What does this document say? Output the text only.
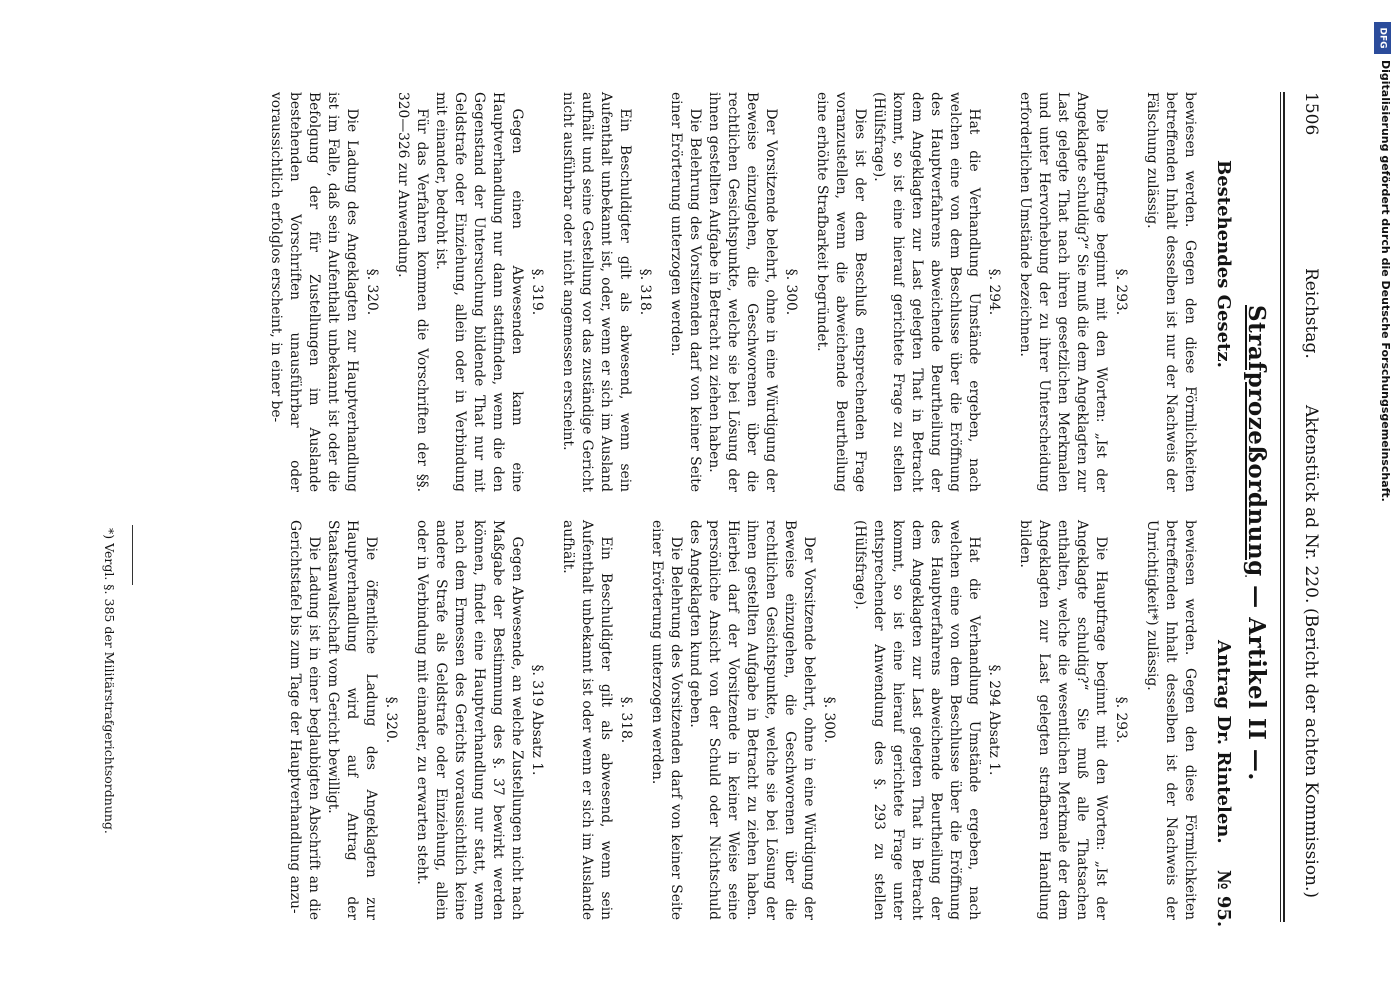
1506
Reichstag.
Aktenstück ad Nr. 220.
(Bericht der achten Kommission.)
Strafprozeßordnung — Artikel II —.
Bestehendes Gesetz.
Antrag Dr. Rintelen.
№ 95.
bewiesen werden. Gegen den diese Förmlichkeiten betreffenden Inhalt desselben ist nur der Nachweis der Fälschung zulässig.
§. 293.
Die Hauptfrage beginnt mit den Worten: „Ist der Angeklagte schuldig?“ Sie muß die dem Angeklagten zur Last gelegte That nach ihren gesetzlichen Merkmalen und unter Hervorhebung der zu ihrer Unterscheidung erforderlichen Umstände bezeichnen.
§. 294.
Hat die Verhandlung Umstände ergeben, nach welchen eine von dem Beschlusse über die Eröffnung des Hauptverfahrens abweichende Beurtheilung der dem Angeklagten zur Last gelegten That in Betracht kommt, so ist eine hierauf gerichtete Frage zu stellen (Hülfsfrage).
Dies ist der dem Beschluß entsprechenden Frage voranzustellen, wenn die abweichende Beurtheilung eine erhöhte Strafbarkeit begründet.
§. 300.
Der Vorsitzende belehrt, ohne in eine Würdigung der Beweise einzugehen, die Geschworenen über die rechtlichen Gesichtspunkte, welche sie bei Lösung der ihnen gestellten Aufgabe in Betracht zu ziehen haben.
Die Belehrung des Vorsitzenden darf von keiner Seite einer Erörterung unterzogen werden.
§. 318.
Ein Beschuldigter gilt als abwesend, wenn sein Aufenthalt unbekannt ist, oder, wenn er sich im Ausland aufhält und seine Gestellung vor das zuständige Gericht nicht ausführbar oder nicht angemessen erscheint.
§. 319.
Gegen einen Abwesenden kann eine Hauptverhandlung nur dann stattfinden, wenn die den Gegenstand der Untersuchung bildende That nur mit Geldstrafe oder Einziehung, allein oder in Verbindung mit einander, bedroht ist.
Für das Verfahren kommen die Vorschriften der §§. 320—326 zur Anwendung.
§. 320.
Die Ladung des Angeklagten zur Hauptverhandlung ist im Falle, daß sein Aufenthalt unbekannt ist oder die Befolgung der für Zustellungen im Auslande bestehenden Vorschriften unausführbar oder voraussichtlich erfolglos erscheint, in einer be-
bewiesen werden. Gegen den diese Förmlichkeiten betreffenden Inhalt desselben ist der Nachweis der Unrichtigkeit*) zulässig.
§. 293.
Die Hauptfrage beginnt mit den Worten: „Ist der Angeklagte schuldig?“ Sie muß alle Thatsachen enthalten, welche die wesentlichen Merkmale der dem Angeklagten zur Last gelegten strafbaren Handlung bilden.
§. 294 Absatz 1.
Hat die Verhandlung Umstände ergeben, nach welchen eine von dem Beschlusse über die Eröffnung des Hauptverfahrens abweichende Beurtheilung der dem Angeklagten zur Last gelegten That in Betracht kommt, so ist eine hierauf gerichtete Frage unter entsprechender Anwendung des §. 293 zu stellen (Hülfsfrage).
§. 300.
Der Vorsitzende belehrt, ohne in eine Würdigung der Beweise einzugehen, die Geschworenen über die rechtlichen Gesichtspunkte, welche sie bei Lösung der ihnen gestellten Aufgabe in Betracht zu ziehen haben. Hierbei darf der Vorsitzende in keiner Weise seine persönliche Ansicht von der Schuld oder Nichtschuld des Angeklagten kund geben.
Die Belehrung des Vorsitzenden darf von keiner Seite einer Erörterung unterzogen werden.
§. 318.
Ein Beschuldigter gilt als abwesend, wenn sein Aufenthalt unbekannt ist oder wenn er sich im Auslande aufhält.
§. 319 Absatz 1.
Gegen Abwesende, an welche Zustellungen nicht nach Maßgabe der Bestimmung des §. 37 bewirkt werden können, findet eine Hauptverhandlung nur statt, wenn nach dem Ermessen des Gerichts voraussichtlich keine andere Strafe als Geldstrafe oder Einziehung, allein oder in Verbindung mit einander, zu erwarten steht.
§. 320.
Die öffentliche Ladung des Angeklagten zur Hauptverhandlung wird auf Antrag der Staatsanwaltschaft vom Gericht bewilligt.
Die Ladung ist in einer beglaubigten Abschrift an die Gerichtstafel bis zum Tage der Hauptverhandlung anzu-
*) Vergl. §. 385 der Militärstrafgerichtsordnung.
DFG
Digitalisierung gefördert durch die Deutsche Forschungsgemeinschaft.
